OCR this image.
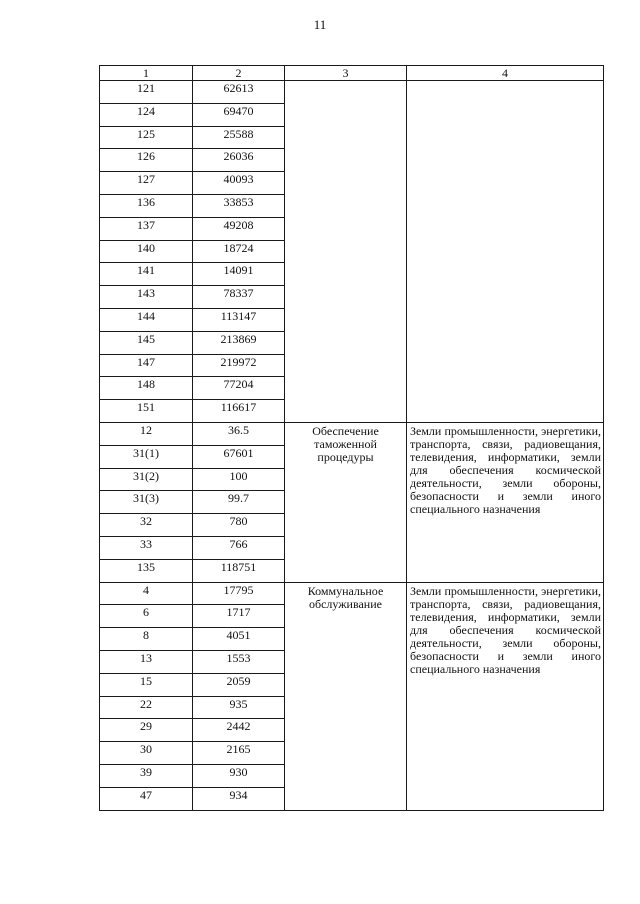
11
1	2	3	4
121	62613		
124	69470		
125	25588		
126	26036		
127	40093		
136	33853		
137	49208		
140	18724		
141	14091		
143	78337		
144	113147		
145	213869		
147	219972		
148	77204		
151	116617		
12	36.5	Обеспечение таможенной процедуры	Земли промышленности, энергетики, транспорта, связи, радиовещания, телевидения, информатики, земли для обеспечения космической деятельности, земли обороны, безопасности и земли иного специального назначения
31(1)	67601		
31(2)	100		
31(3)	99.7		
32	780		
33	766		
135	118751		
4	17795	Коммунальное обслуживание	Земли промышленности, энергетики, транспорта, связи, радиовещания, телевидения, информатики, земли для обеспечения космической деятельности, земли обороны, безопасности и земли иного специального назначения
6	1717		
8	4051		
13	1553		
15	2059		
22	935		
29	2442		
30	2165		
39	930		
47	934		
